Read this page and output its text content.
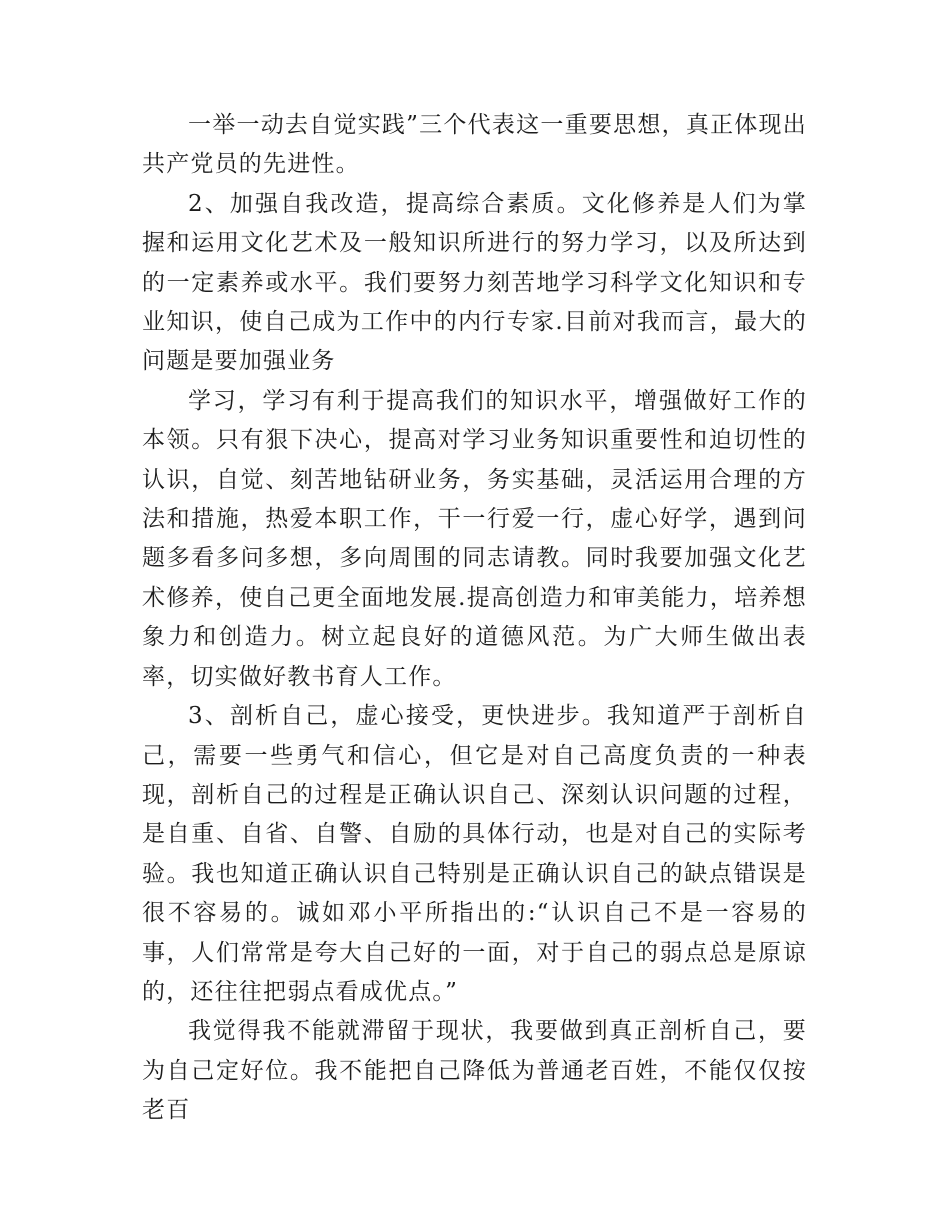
一举一动去自觉实践”三个代表这一重要思想，真正体现出共产党员的先进性。

2、加强自我改造，提高综合素质。文化修养是人们为掌握和运用文化艺术及一般知识所进行的努力学习，以及所达到的一定素养或水平。我们要努力刻苦地学习科学文化知识和专业知识，使自己成为工作中的内行专家.目前对我而言，最大的问题是要加强业务

学习，学习有利于提高我们的知识水平，增强做好工作的本领。只有狠下决心，提高对学习业务知识重要性和迫切性的认识，自觉、刻苦地钻研业务，务实基础，灵活运用合理的方法和措施，热爱本职工作，干一行爱一行，虚心好学，遇到问题多看多问多想，多向周围的同志请教。同时我要加强文化艺术修养，使自己更全面地发展.提高创造力和审美能力，培养想象力和创造力。树立起良好的道德风范。为广大师生做出表率，切实做好教书育人工作。

3、剖析自己，虚心接受，更快进步。我知道严于剖析自己，需要一些勇气和信心，但它是对自己高度负责的一种表现，剖析自己的过程是正确认识自己、深刻认识问题的过程，是自重、自省、自警、自励的具体行动，也是对自己的实际考验。我也知道正确认识自己特别是正确认识自己的缺点错误是很不容易的。诚如邓小平所指出的:“认识自己不是一容易的事，人们常常是夸大自己好的一面，对于自己的弱点总是原谅的，还往往把弱点看成优点。”

我觉得我不能就滞留于现状，我要做到真正剖析自己，要为自己定好位。我不能把自己降低为普通老百姓，不能仅仅按老百
